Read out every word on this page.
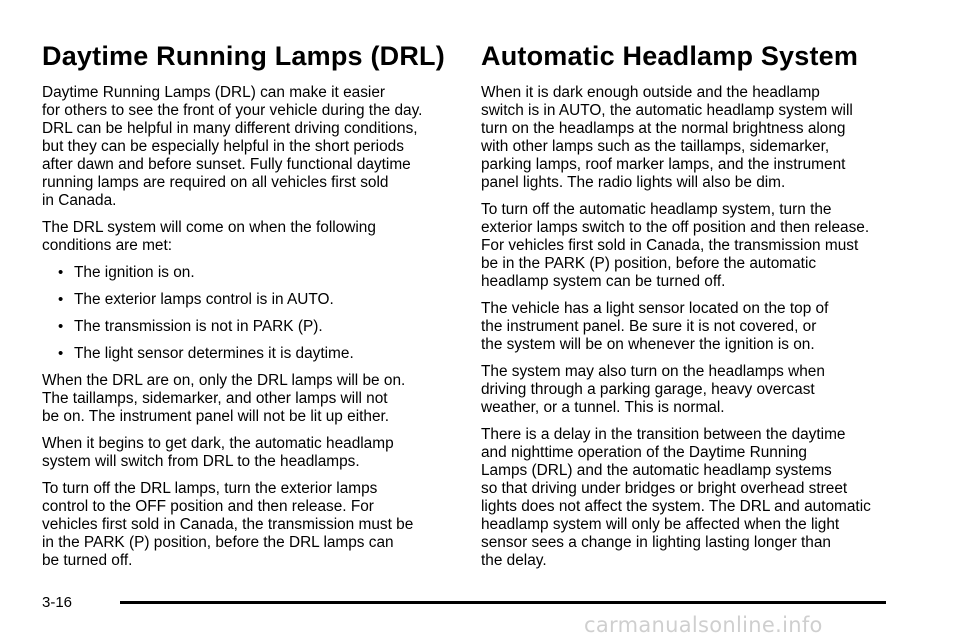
Daytime Running Lamps (DRL)

Daytime Running Lamps (DRL) can make it easier
for others to see the front of your vehicle during the day.
DRL can be helpful in many different driving conditions,
but they can be especially helpful in the short periods
after dawn and before sunset. Fully functional daytime
running lamps are required on all vehicles first sold
in Canada.

The DRL system will come on when the following
conditions are met:

• The ignition is on.
• The exterior lamps control is in AUTO.
• The transmission is not in PARK (P).
• The light sensor determines it is daytime.

When the DRL are on, only the DRL lamps will be on.
The taillamps, sidemarker, and other lamps will not
be on. The instrument panel will not be lit up either.

When it begins to get dark, the automatic headlamp
system will switch from DRL to the headlamps.

To turn off the DRL lamps, turn the exterior lamps
control to the OFF position and then release. For
vehicles first sold in Canada, the transmission must be
in the PARK (P) position, before the DRL lamps can
be turned off.

Automatic Headlamp System

When it is dark enough outside and the headlamp
switch is in AUTO, the automatic headlamp system will
turn on the headlamps at the normal brightness along
with other lamps such as the taillamps, sidemarker,
parking lamps, roof marker lamps, and the instrument
panel lights. The radio lights will also be dim.

To turn off the automatic headlamp system, turn the
exterior lamps switch to the off position and then release.
For vehicles first sold in Canada, the transmission must
be in the PARK (P) position, before the automatic
headlamp system can be turned off.

The vehicle has a light sensor located on the top of
the instrument panel. Be sure it is not covered, or
the system will be on whenever the ignition is on.

The system may also turn on the headlamps when
driving through a parking garage, heavy overcast
weather, or a tunnel. This is normal.

There is a delay in the transition between the daytime
and nighttime operation of the Daytime Running
Lamps (DRL) and the automatic headlamp systems
so that driving under bridges or bright overhead street
lights does not affect the system. The DRL and automatic
headlamp system will only be affected when the light
sensor sees a change in lighting lasting longer than
the delay.

3-16
carmanualsonline.info
